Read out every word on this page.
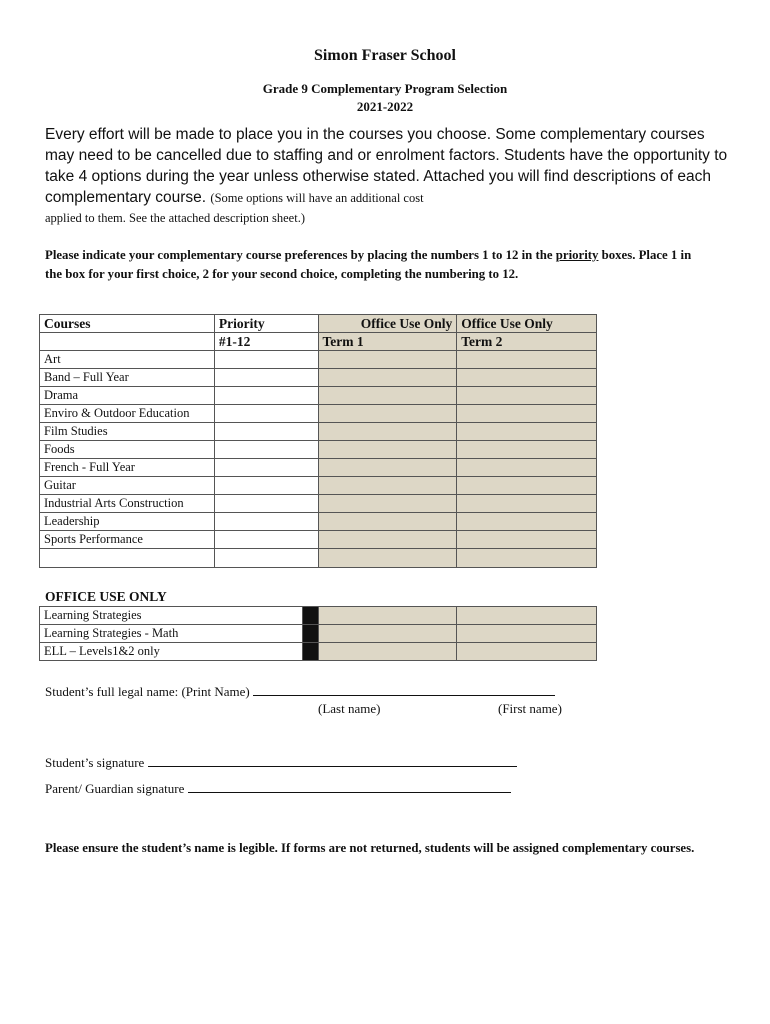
Simon Fraser School
Grade 9 Complementary Program Selection
2021-2022
Every effort will be made to place you in the courses you choose. Some complementary courses may need to be cancelled due to staffing and or enrolment factors. Students have the opportunity to take 4 options during the year unless otherwise stated. Attached you will find descriptions of each complementary course. (Some options will have an additional cost
applied to them. See the attached description sheet.)
Please indicate your complementary course preferences by placing the numbers 1 to 12 in the priority boxes. Place 1 in the box for your first choice, 2 for your second choice, completing the numbering to 12.
Courses	Priority	Office Use Only	Office Use Only
	#1-12	Term 1	Term 2
Art			
Band – Full Year			
Drama			
Enviro & Outdoor Education			
Film Studies			
Foods			
French - Full Year			
Guitar			
Industrial Arts Construction			
Leadership			
Sports Performance			

OFFICE USE ONLY
Learning Strategies			
Learning Strategies - Math			
ELL – Levels1&2 only			
Student’s full legal name: (Print Name)
(Last name)	(First name)
Student’s signature
Parent/ Guardian signature
Please ensure the student’s name is legible. If forms are not returned, students will be assigned complementary courses.
